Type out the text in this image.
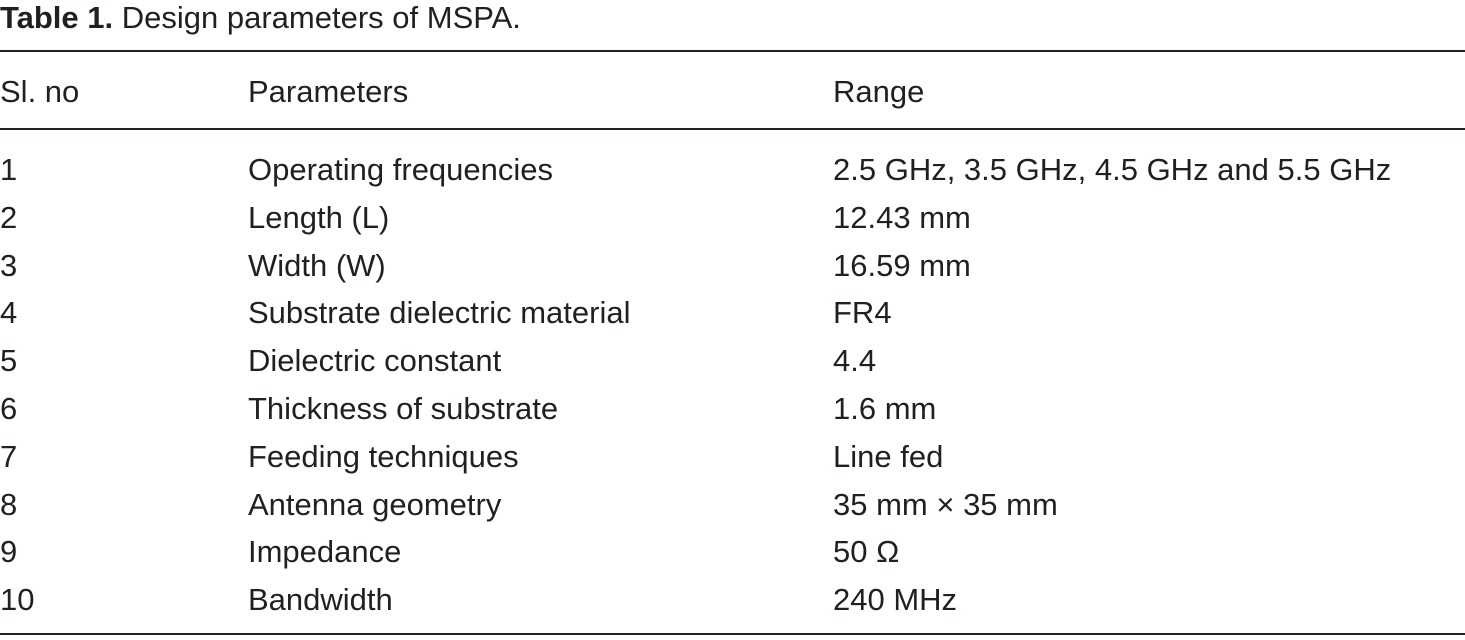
Table 1. Design parameters of MSPA.
Sl. no	Parameters	Range
1	Operating frequencies	2.5 GHz, 3.5 GHz, 4.5 GHz and 5.5 GHz
2	Length (L)	12.43 mm
3	Width (W)	16.59 mm
4	Substrate dielectric material	FR4
5	Dielectric constant	4.4
6	Thickness of substrate	1.6 mm
7	Feeding techniques	Line fed
8	Antenna geometry	35 mm × 35 mm
9	Impedance	50 Ω
10	Bandwidth	240 MHz
